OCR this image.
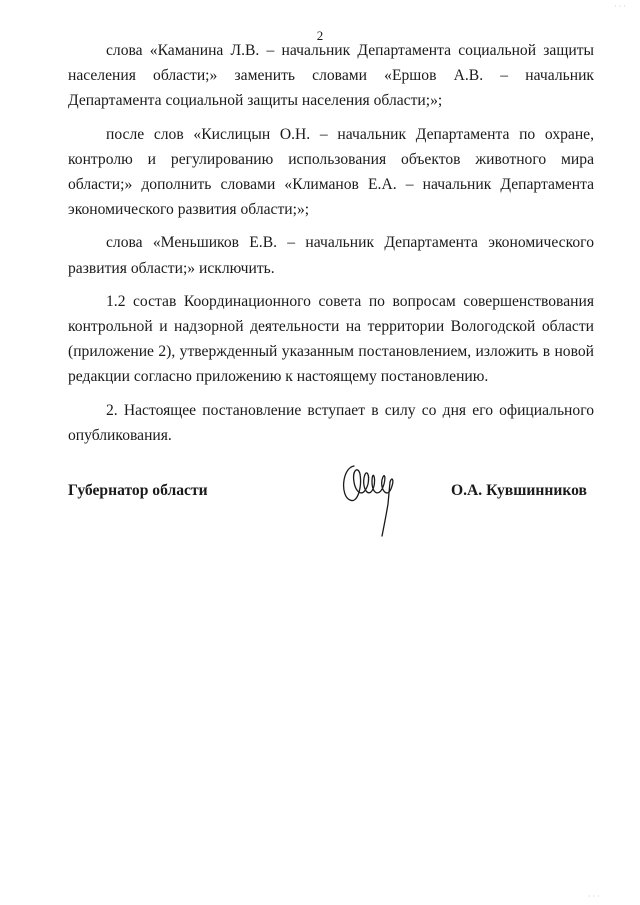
2

слова «Каманина Л.В. – начальник Департамента социальной защиты населения области;» заменить словами «Ершов А.В. – начальник Департамента социальной защиты населения области;»;

после слов «Кислицын О.Н. – начальник Департамента по охране, контролю и регулированию использования объектов животного мира области;» дополнить словами «Климанов Е.А. – начальник Департамента экономического развития области;»;

слова «Меньшиков Е.В. – начальник Департамента экономического развития области;» исключить.

1.2 состав Координационного совета по вопросам совершенствования контрольной и надзорной деятельности на территории Вологодской области (приложение 2), утвержденный указанным постановлением, изложить в новой редакции согласно приложению к настоящему постановлению.

2. Настоящее постановление вступает в силу со дня его официального опубликования.

Губернатор области	О.А. Кувшинников
· · ·
· · ·
